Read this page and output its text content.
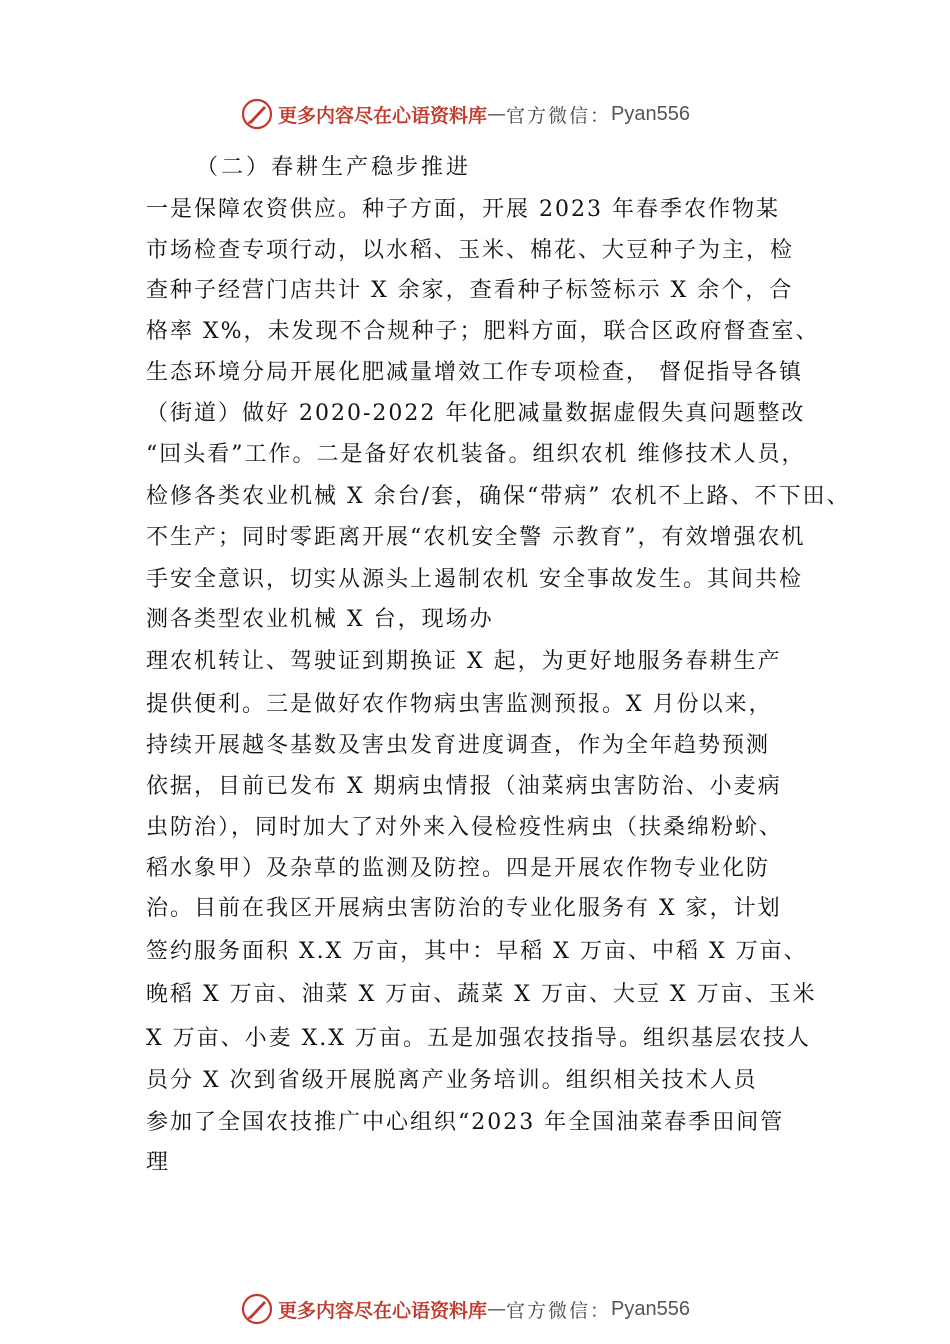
更多内容尽在心语资料库 — 官方微信： Pyan556
（二）春耕生产稳步推进
一是保障农资供应。种子方面，开展 2023 年春季农作物某
市场检查专项行动，以水稻、玉米、棉花、大豆种子为主，检
查种子经营门店共计 X 余家，查看种子标签标示 X 余个，合
格率 X%，未发现不合规种子；肥料方面，联合区政府督查室、
生态环境分局开展化肥减量增效工作专项检查， 督促指导各镇
（街道）做好 2020-2022 年化肥减量数据虚假失真问题整改
“回头看”工作。二是备好农机装备。组织农机 维修技术人员，
检修各类农业机械 X 余台/套，确保“带病” 农机不上路、不下田、
不生产；同时零距离开展“农机安全警 示教育”，有效增强农机
手安全意识，切实从源头上遏制农机 安全事故发生。其间共检
测各类型农业机械 X 台，现场办
理农机转让、驾驶证到期换证 X 起，为更好地服务春耕生产
提供便利。三是做好农作物病虫害监测预报。X 月份以来，
持续开展越冬基数及害虫发育进度调查，作为全年趋势预测
依据，目前已发布 X 期病虫情报（油菜病虫害防治、小麦病
虫防治），同时加大了对外来入侵检疫性病虫（扶桑绵粉蚧、
稻水象甲）及杂草的监测及防控。四是开展农作物专业化防
治。目前在我区开展病虫害防治的专业化服务有 X 家，计划
签约服务面积 X.X 万亩，其中：早稻 X 万亩、中稻 X 万亩、
晚稻 X 万亩、油菜 X 万亩、蔬菜 X 万亩、大豆 X 万亩、玉米
X 万亩、小麦 X.X 万亩。五是加强农技指导。组织基层农技人
员分 X 次到省级开展脱离产业务培训。组织相关技术人员
参加了全国农技推广中心组织“2023 年全国油菜春季田间管
理
更多内容尽在心语资料库 — 官方微信： Pyan556
